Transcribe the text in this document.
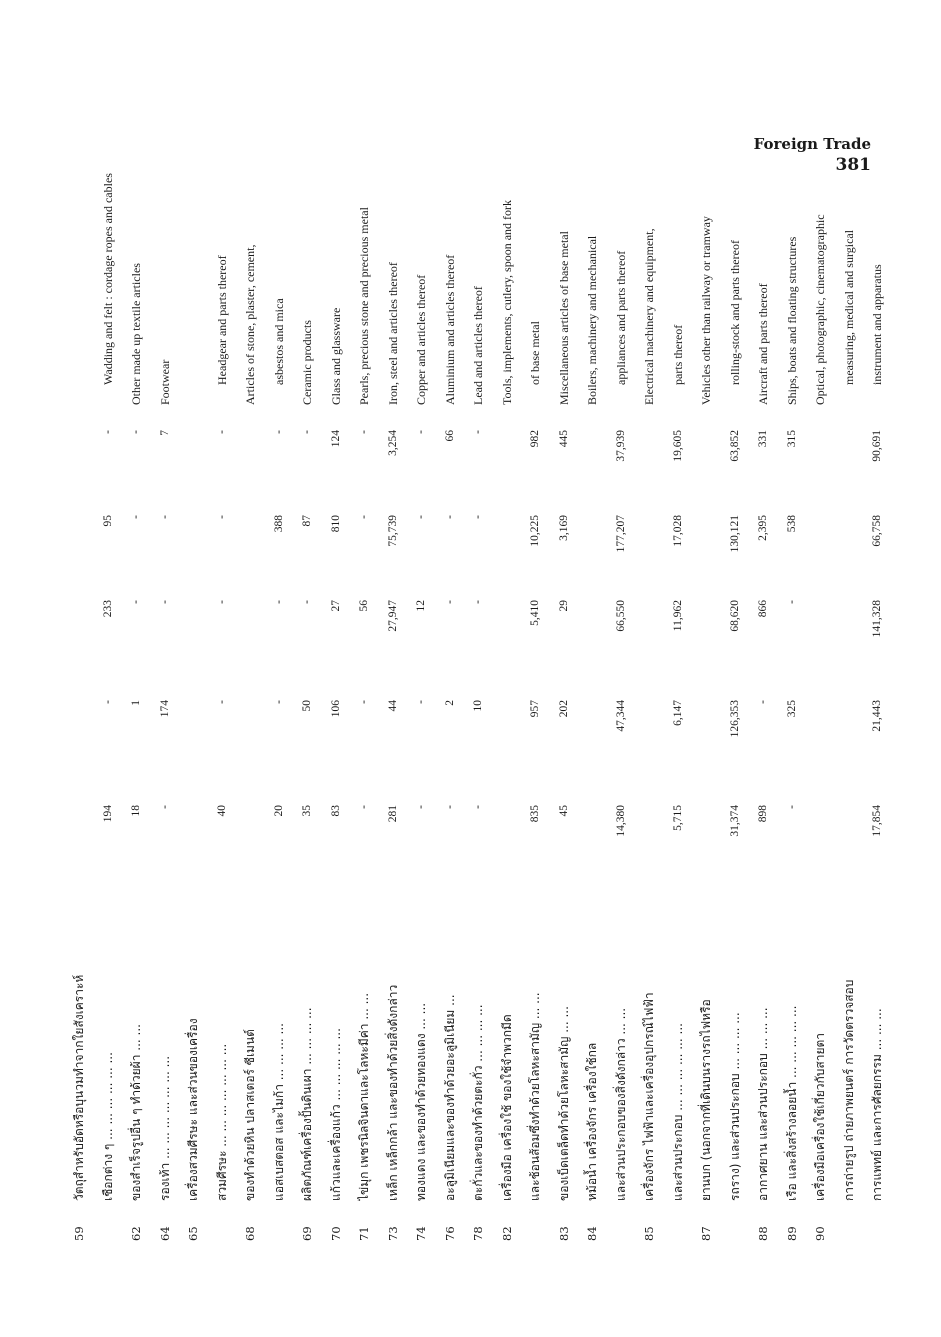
Foreign Trade
381
59
วัตถุสำหรับอัดหรือบุนวมทำจากใยสังเคราะห์	เชือกต่าง ๆ ... ... ... ... ... ...
194
-
233
95
-
Wadding and felt : cordage ropes and cables
62
ของสำเร็จรูปอื่น ๆ ทำด้วยผ้า ... ...
18
1
-
-
-
Other made up textile articles
64
รองเท้า ... ... ... ... ... ... ...
-
174
-
-
7
Footwear
65
เครื่องสวมศีรษะ และส่วนของเครื่อง	สวมศีรษะ ... ... ... ... ... ... ...
40
-
-
-
-
Headgear and parts thereof
68
ของทำด้วยหิน ปลาสเตอร์ ซีเมนต์
Articles of stone, plaster, cement,
แอสเบสตอส และไมก้า ... ... ... ...
20
-
-
388
-
asbestos and mica
69
ผลิตภัณฑ์เครื่องปั้นดินเผา ... ... ... ...
35
50
-
87
-
Ceramic products
70
แก้วและเครื่องแก้ว ... ... ... ... ...
83
106
27
810
124
Glass and glassware
71
ไข่มุก เพชรนิลจินดาและโลหะมีค่า ... ...
-
-
56
-
-
Pearls, precious stone and precious metal
73
เหล็ก เหล็กกล้า และของทำด้วยสิ่งดังกล่าว
281
44
27,947
75,739
3,254
Iron, steel and articles thereof
74
ทองแดง และของทำด้วยทองแดง ... ...
-
-
12
-
-
Copper and articles thereof
76
อะลูมิเนียมและของทำด้วยอะลูมิเนียม ...
-
2
-
-
66
Aluminium and articles thereof
78
ตะกั่วและของทำด้วยตะกั่ว ... ... ... ...
-
10
-
-
-
Lead and articles thereof
82
เครื่องมือ เครื่องใช้ ของใช้จำพวกมีด
Tools, implements, cutlery, spoon and fork
และช้อนส้อมซึ่งทำด้วยโลหะสามัญ ... ...
835
957
5,410
10,225
982
of base metal
83
ของเบ็ดเตล็ดทำด้วยโลหะสามัญ ... ...
45
202
29
3,169
445
Miscellaneous articles of base metal
84
หม้อน้ำ เครื่องจักร เครื่องใช้กล
Boilers, machinery and mechanical
และส่วนประกอบของสิ่งดังกล่าว ... ...
14,380
47,344
66,550
177,207
37,939
appliances and parts thereof
85
เครื่องจักร ไฟฟ้าและเครื่องอุปกรณ์ไฟฟ้า
Electrical machinery and equipment,
และส่วนประกอบ ... ... ... ... ... ...
5,715
6,147
11,962
17,028
19,605
parts thereof
87
ยานบก (นอกจากที่เดินบนรางรถไฟหรือ
Vehicles other than railway or tramway
รถราง) และส่วนประกอบ ... ... ... ...
31,374
126,353
68,620
130,121
63,852
rolling-stock and parts thereof
88
อากาศยาน และส่วนประกอบ ... ... ...
898
-
866
2,395
331
Aircraft and parts thereof
89
เรือ และสิ่งสร้างลอยน้ำ ... ... ... ... ...
-
325
-
538
315
Ships, boats and floating structures
90
เครื่องมือเครื่องใช้เกี่ยวกับสายตา
Optical, photographic, cinematographic
การถ่ายรูป ถ่ายภาพยนตร์ การวัดตรวจสอบ
measuring, medical and surgical
การแพทย์ และการศัลยกรรม ... ... ...
17,854
21,443
141,328
66,758
90,691
instrument and apparatus
